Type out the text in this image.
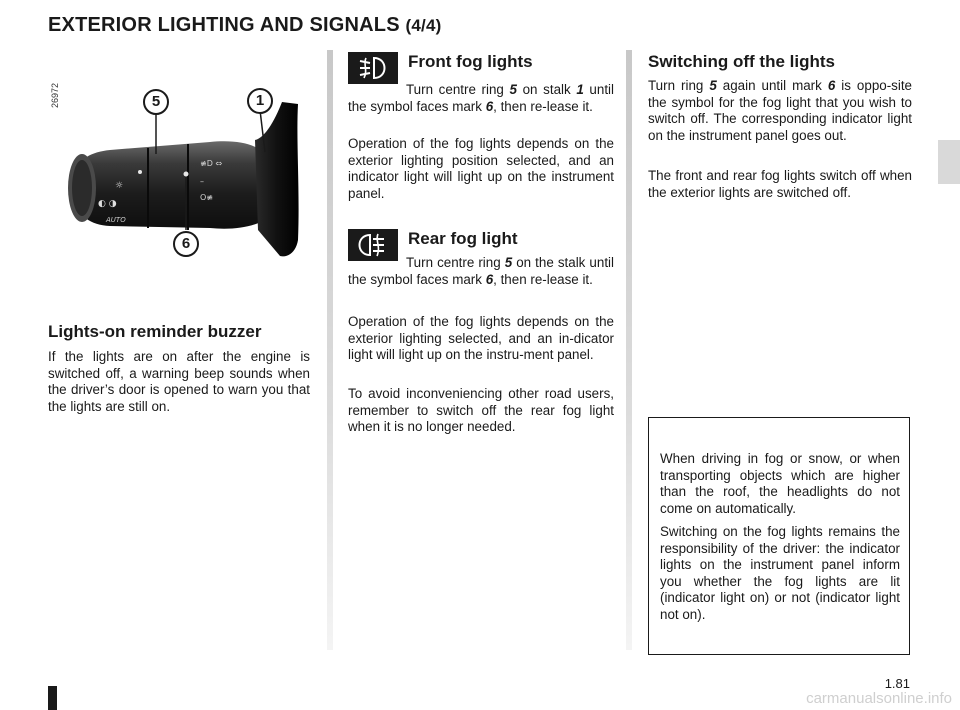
EXTERIOR LIGHTING AND SIGNALS (4/4)
26972
☼
◐ ◑
≢D ⇔
–
O≢
AUTO
5	1
6
Lights-on reminder buzzer

If the lights are on after the engine is switched off, a warning beep sounds when the driver’s door is opened to warn you that the lights are still on.

Front fog lights

Turn centre ring 5 on stalk 1 until the symbol faces mark 6, then re-lease it.

Operation of the fog lights depends on the exterior lighting position selected, and an indicator light will light up on the instrument panel.

Rear fog light

Turn centre ring 5 on the stalk until the symbol faces mark 6, then re-lease it.

Operation of the fog lights depends on the exterior lighting selected, and an in-dicator light will light up on the instru-ment panel.

To avoid inconveniencing other road users, remember to switch off the rear fog light when it is no longer needed.

Switching off the lights

Turn ring 5 again until mark 6 is oppo-site the symbol for the fog light that you wish to switch off. The corresponding indicator light on the instrument panel goes out.

The front and rear fog lights switch off when the exterior lights are switched off.

When driving in fog or snow, or when transporting objects which are higher than the roof, the headlights do not come on automatically.

Switching on the fog lights remains the responsibility of the driver: the indicator lights on the instrument panel inform you whether the fog lights are lit (indicator light on) or not (indicator light not on).

1.81
carmanualsonline.info
